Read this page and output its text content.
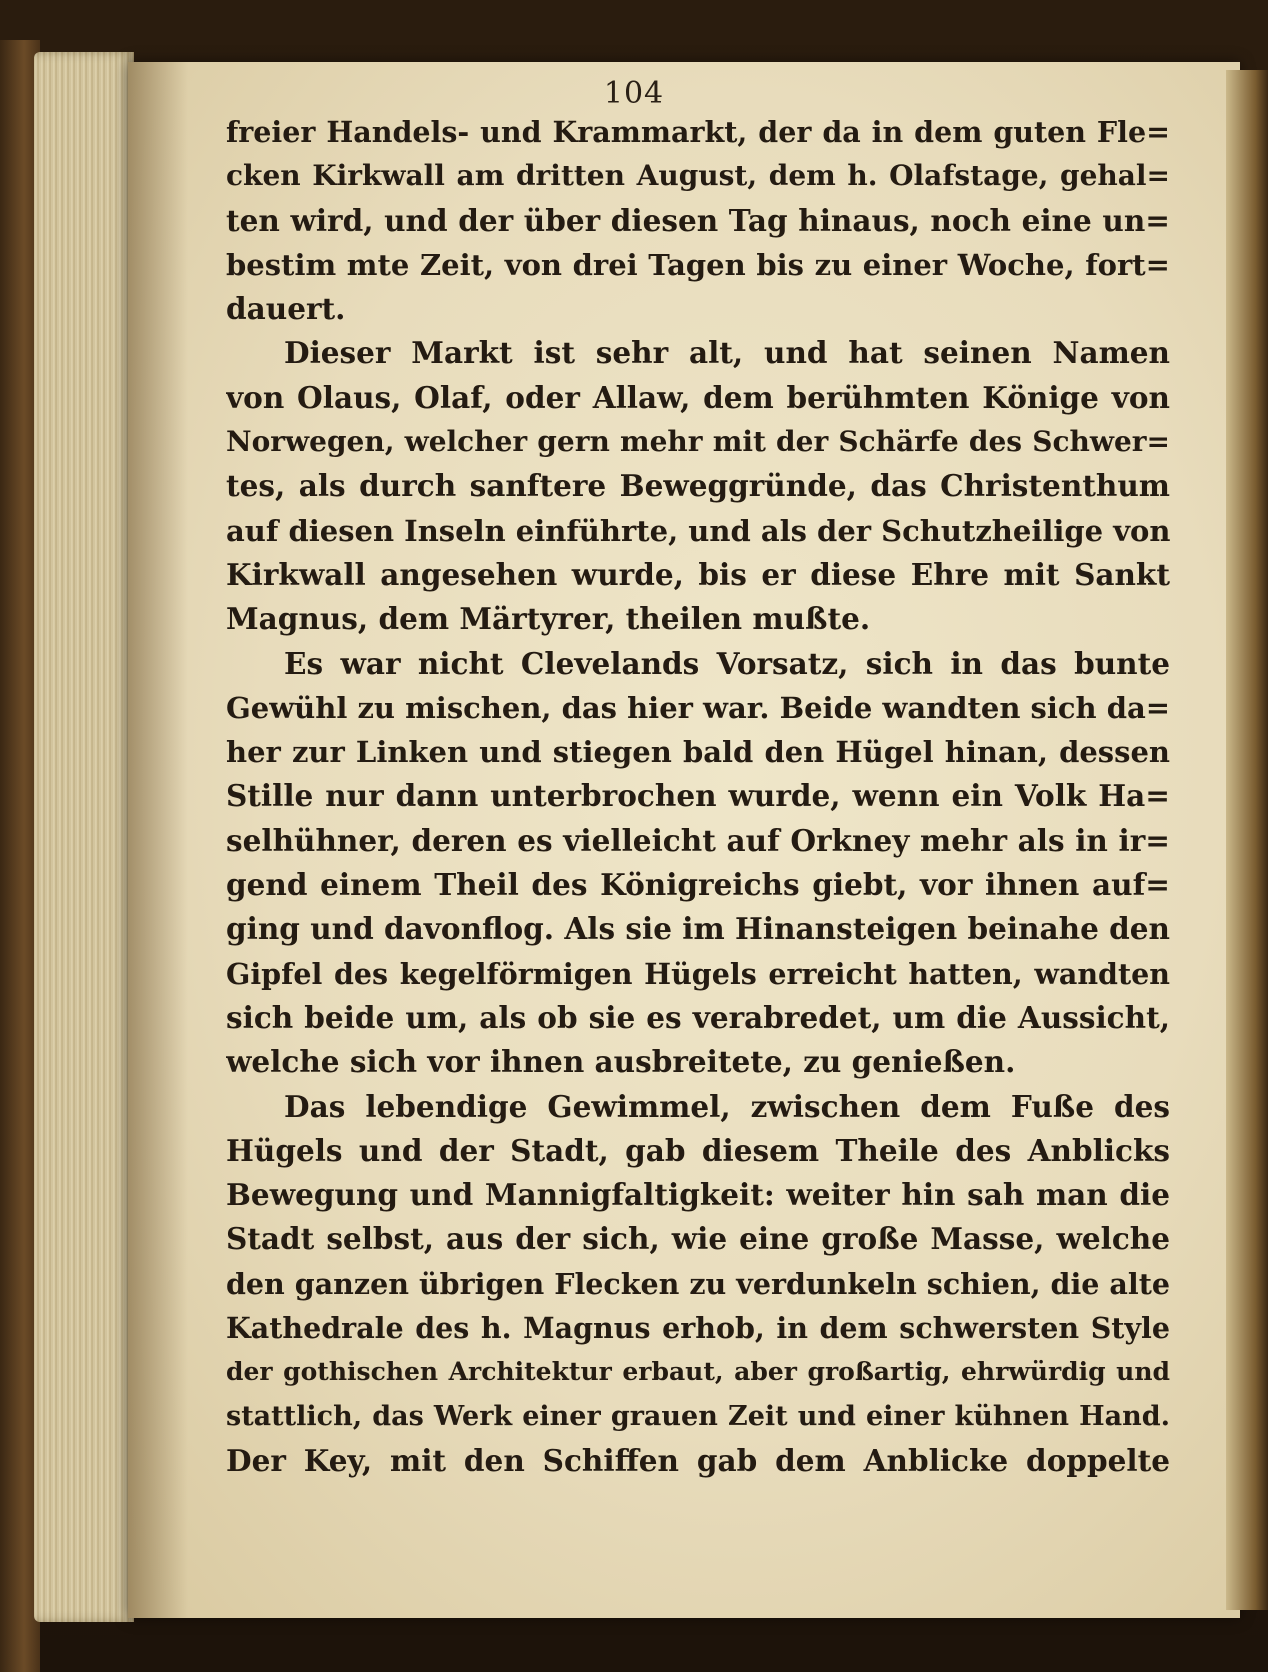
104
freier Handels- und Krammarkt, der da in dem guten Fle=
cken Kirkwall am dritten August, dem h. Olafstage, gehal=
ten wird, und der über diesen Tag hinaus, noch eine un=
bestim mte Zeit, von drei Tagen bis zu einer Woche, fort=
dauert.
Dieser Markt ist sehr alt, und hat seinen Namen
von Olaus, Olaf, oder Allaw, dem berühmten Könige von
Norwegen, welcher gern mehr mit der Schärfe des Schwer=
tes, als durch sanftere Beweggründe, das Christenthum
auf diesen Inseln einführte, und als der Schutzheilige von
Kirkwall angesehen wurde, bis er diese Ehre mit Sankt
Magnus, dem Märtyrer, theilen mußte.
Es war nicht Clevelands Vorsatz, sich in das bunte
Gewühl zu mischen, das hier war. Beide wandten sich da=
her zur Linken und stiegen bald den Hügel hinan, dessen
Stille nur dann unterbrochen wurde, wenn ein Volk Ha=
selhühner, deren es vielleicht auf Orkney mehr als in ir=
gend einem Theil des Königreichs giebt, vor ihnen auf=
ging und davonflog. Als sie im Hinansteigen beinahe den
Gipfel des kegelförmigen Hügels erreicht hatten, wandten
sich beide um, als ob sie es verabredet, um die Aussicht,
welche sich vor ihnen ausbreitete, zu genießen.
Das lebendige Gewimmel, zwischen dem Fuße des
Hügels und der Stadt, gab diesem Theile des Anblicks
Bewegung und Mannigfaltigkeit: weiter hin sah man die
Stadt selbst, aus der sich, wie eine große Masse, welche
den ganzen übrigen Flecken zu verdunkeln schien, die alte
Kathedrale des h. Magnus erhob, in dem schwersten Style
der gothischen Architektur erbaut, aber großartig, ehrwürdig und
stattlich, das Werk einer grauen Zeit und einer kühnen Hand.
Der Key, mit den Schiffen gab dem Anblicke doppelte
